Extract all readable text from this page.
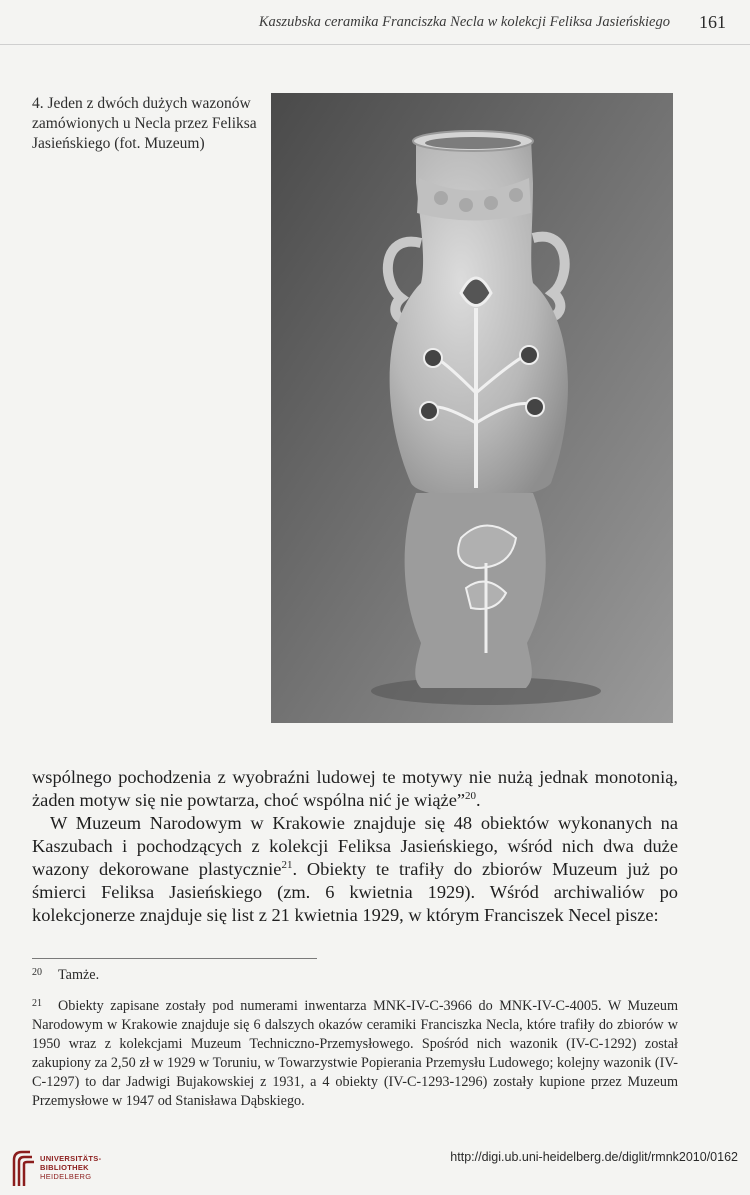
Kaszubska ceramika Franciszka Necla w kolekcji Feliksa Jasieńskiego 161
4. Jeden z dwóch dużych wazonów zamówionych u Necla przez Feliksa Jasieńskiego (fot. Muzeum)

wspólnego pochodzenia z wyobraźni ludowej te motywy nie nużą jednak monotonią, żaden motyw się nie powtarza, choć wspólna nić je wiąże”$^{20}$.

W Muzeum Narodowym w Krakowie znajduje się 48 obiektów wykonanych na Kaszubach i pochodzących z kolekcji Feliksa Jasieńskiego, wśród nich dwa duże wazony dekorowane plastycznie$^{21}$. Obiekty te trafiły do zbiorów Muzeum już po śmierci Feliksa Jasieńskiego (zm. 6 kwietnia 1929). Wśród archiwaliów po kolekcjonerze znajduje się list z 21 kwietnia 1929, w którym Franciszek Necel pisze:

$^{20}$ Tamże.

$^{21}$ Obiekty zapisane zostały pod numerami inwentarza MNK-IV-C-3966 do MNK-IV-C-4005. W Muzeum Narodowym w Krakowie znajduje się 6 dalszych okazów ceramiki Franciszka Necla, które trafiły do zbiorów w 1950 wraz z kolekcjami Muzeum Techniczno-Przemysłowego. Spośród nich wazonik (IV-C-1292) został zakupiony za 2,50 zł w 1929 w Toruniu, w Towarzystwie Popierania Przemysłu Ludowego; kolejny wazonik (IV-C-1297) to dar Jadwigi Bujakowskiej z 1931, a 4 obiekty (IV-C-1293-1296) zostały kupione przez Muzeum Przemysłowe w 1947 od Stanisława Dąbskiego.

UNIVERSITÄTS-
BIBLIOTHEK
HEIDELBERG
http://digi.ub.uni-heidelberg.de/diglit/rmnk2010/0162
